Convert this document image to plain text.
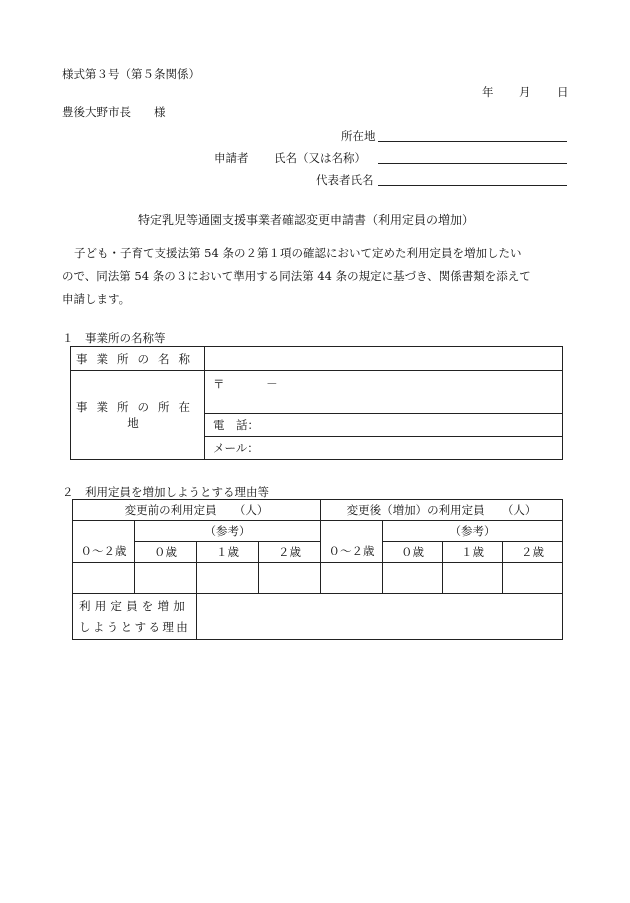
様式第３号（第５条関係）
年 月 日
豊後大野市長　　様
所在地
申請者 氏名（又は名称）
代表者氏名
特定乳児等通園支援事業者確認変更申請書（利用定員の増加）
子ども・子育て支援法第 54 条の２第１項の確認において定めた利用定員を増加したい
ので、同法第 54 条の３において準用する同法第 44 条の規定に基づき、関係書類を添えて
申請します。
１　事業所の名称等
事業所の名称	
事業所の所在地	〒 －
	電　話：
	メール：
２　利用定員を増加しようとする理由等
変更前の利用定員　　（人）				変更後（増加）の利用定員　　（人）			
０～２歳	（参考）			０～２歳	（参考）		
	０歳	１歳	２歳		０歳	１歳	２歳

利用定員を増加
しようとする理由							
